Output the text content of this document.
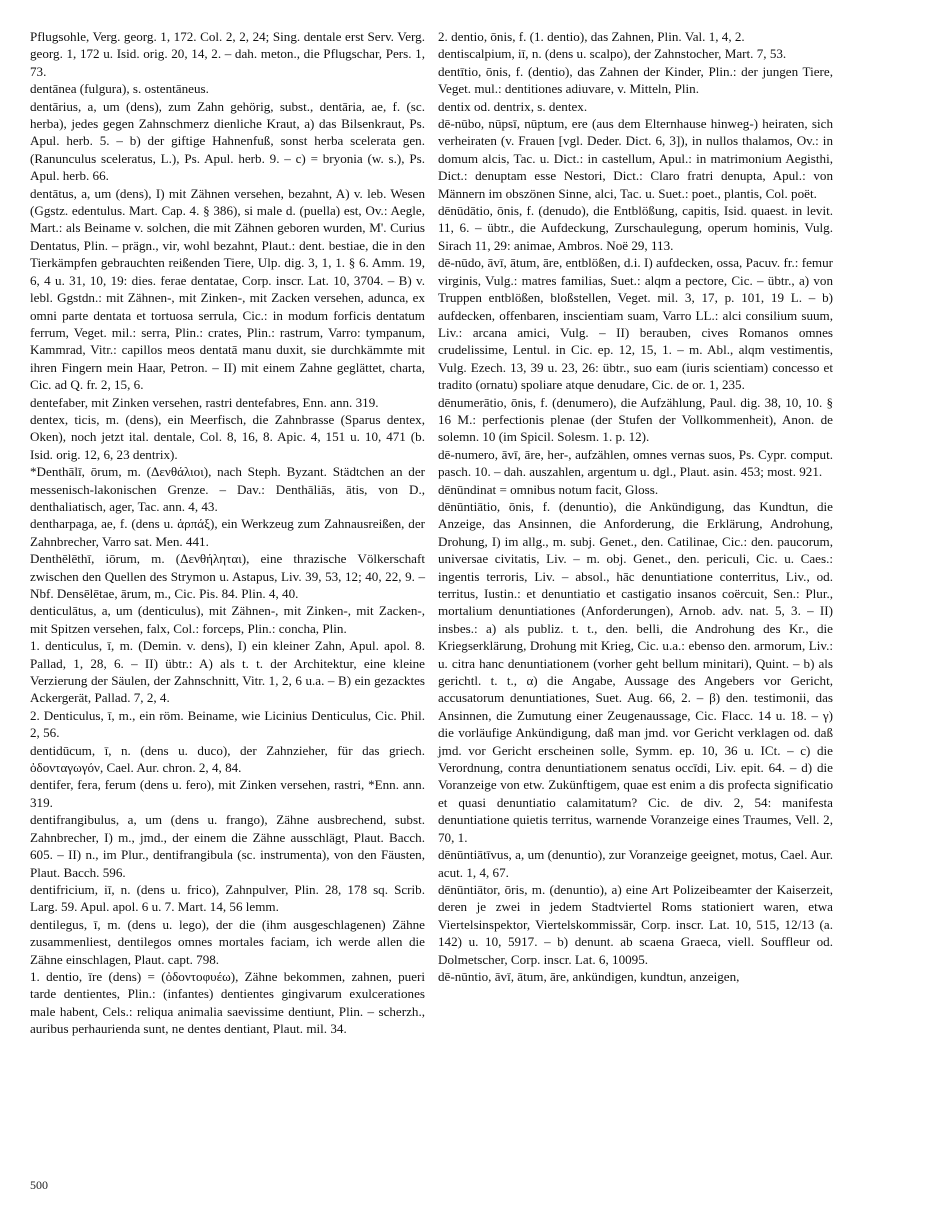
Pflugsohle, Verg. georg. 1, 172. Col. 2, 2, 24; Sing. dentale erst Serv. Verg. georg. 1, 172 u. Isid. orig. 20, 14, 2. – dah. meton., die Pflugschar, Pers. 1, 73.

dentānea (fulgura), s. ostentāneus.

dentārius, a, um (dens), zum Zahn gehörig, subst., dentāria, ae, f. (sc. herba), jedes gegen Zahnschmerz dienliche Kraut, a) das Bilsenkraut, Ps. Apul. herb. 5. – b) der giftige Hahnenfuß, sonst herba scelerata gen. (Ranunculus sceleratus, L.), Ps. Apul. herb. 9. – c) = bryonia (w. s.), Ps. Apul. herb. 66.

dentātus, a, um (dens), I) mit Zähnen versehen, bezahnt, A) v. leb. Wesen (Ggstz. edentulus. Mart. Cap. 4. § 386), si male d. (puella) est, Ov.: Aegle, Mart.: als Beiname v. solchen, die mit Zähnen geboren wurden, M'. Curius Dentatus, Plin. – prägn., vir, wohl bezahnt, Plaut.: dent. bestiae, die in den Tierkämpfen gebrauchten reißenden Tiere, Ulp. dig. 3, 1, 1. § 6. Amm. 19, 6, 4 u. 31, 10, 19: dies. ferae dentatae, Corp. inscr. Lat. 10, 3704. – B) v. lebl. Ggstdn.: mit Zähnen-, mit Zinken-, mit Zacken versehen, adunca, ex omni parte dentata et tortuosa serrula, Cic.: in modum forficis dentatum ferrum, Veget. mil.: serra, Plin.: crates, Plin.: rastrum, Varro: tympanum, Kammrad, Vitr.: capillos meos dentatā manu duxit, sie durchkämmte mit ihren Fingern mein Haar, Petron. – II) mit einem Zahne geglättet, charta, Cic. ad Q. fr. 2, 15, 6.

dentefaber, mit Zinken versehen, rastri dentefabres, Enn. ann. 319.

dentex, ticis, m. (dens), ein Meerfisch, die Zahnbrasse (Sparus dentex, Oken), noch jetzt ital. dentale, Col. 8, 16, 8. Apic. 4, 151 u. 10, 471 (b. Isid. orig. 12, 6, 23 dentrix).

*Denthālī, ōrum, m. (Δενθάλιοι), nach Steph. Byzant. Städtchen an der messenisch-lakonischen Grenze. – Dav.: Denthāliās, ātis, von D., denthaliatisch, ager, Tac. ann. 4, 43.

dentharpaga, ae, f. (dens u. ἁρπάξ), ein Werkzeug zum Zahnausreißen, der Zahnbrecher, Varro sat. Men. 441.

Denthēlēthī, iōrum, m. (Δενθήληται), eine thrazische Völkerschaft zwischen den Quellen des Strymon u. Astapus, Liv. 39, 53, 12; 40, 22, 9. – Nbf. Densēlētae, ārum, m., Cic. Pis. 84. Plin. 4, 40.

denticulātus, a, um (denticulus), mit Zähnen-, mit Zinken-, mit Zacken-, mit Spitzen versehen, falx, Col.: forceps, Plin.: concha, Plin.

1. denticulus, ī, m. (Demin. v. dens), I) ein kleiner Zahn, Apul. apol. 8. Pallad, 1, 28, 6. – II) übtr.: A) als t. t. der Architektur, eine kleine Verzierung der Säulen, der Zahnschnitt, Vitr. 1, 2, 6 u.a. – B) ein gezacktes Ackergerät, Pallad. 7, 2, 4.

2. Denticulus, ī, m., ein röm. Beiname, wie Licinius Denticulus, Cic. Phil. 2, 56.

dentidūcum, ī, n. (dens u. duco), der Zahnzieher, für das griech. ὀδονταγωγόν, Cael. Aur. chron. 2, 4, 84.

dentifer, fera, ferum (dens u. fero), mit Zinken versehen, rastri, *Enn. ann. 319.

dentifrangibulus, a, um (dens u. frango), Zähne ausbrechend, subst. Zahnbrecher, I) m., jmd., der einem die Zähne ausschlägt, Plaut. Bacch. 605. – II) n., im Plur., dentifrangibula (sc. instrumenta), von den Fäusten, Plaut. Bacch. 596.

dentifricium, iī, n. (dens u. frico), Zahnpulver, Plin. 28, 178 sq. Scrib. Larg. 59. Apul. apol. 6 u. 7. Mart. 14, 56 lemm.

dentilegus, ī, m. (dens u. lego), der die (ihm ausgeschlagenen) Zähne zusammenliest, dentilegos omnes mortales faciam, ich werde allen die Zähne einschlagen, Plaut. capt. 798.

1. dentio, īre (dens) = (ὀδοντοφυέω), Zähne bekommen, zahnen, pueri tarde dentientes, Plin.: (infantes) dentientes gingivarum exulcerationes male habent, Cels.: reliqua animalia saevissime dentiunt, Plin. – scherzh., auribus perhaurienda sunt, ne dentes dentiant, Plaut. mil. 34.

2. dentio, ōnis, f. (1. dentio), das Zahnen, Plin. Val. 1, 4, 2.

dentiscalpium, iī, n. (dens u. scalpo), der Zahnstocher, Mart. 7, 53.

dentītio, ōnis, f. (dentio), das Zahnen der Kinder, Plin.: der jungen Tiere, Veget. mul.: dentitiones adiuvare, v. Mitteln, Plin.

dentix od. dentrix, s. dentex.

dē-nūbo, nūpsī, nūptum, ere (aus dem Elternhause hinweg-) heiraten, sich verheiraten (v. Frauen [vgl. Deder. Dict. 6, 3]), in nullos thalamos, Ov.: in domum alcis, Tac. u. Dict.: in castellum, Apul.: in matrimonium Aegisthi, Dict.: denuptam esse Nestori, Dict.: Claro fratri denupta, Apul.: von Männern im obszönen Sinne, alci, Tac. u. Suet.: poet., plantis, Col. poët.

dēnūdātio, ōnis, f. (denudo), die Entblößung, capitis, Isid. quaest. in levit. 11, 6. – übtr., die Aufdeckung, Zurschaulegung, operum hominis, Vulg. Sirach 11, 29: animae, Ambros. Noë 29, 113.

dē-nūdo, āvī, ātum, āre, entblößen, d.i. I) aufdecken, ossa, Pacuv. fr.: femur virginis, Vulg.: matres familias, Suet.: alqm a pectore, Cic. – übtr., a) von Truppen entblößen, bloßstellen, Veget. mil. 3, 17, p. 101, 19 L. – b) aufdecken, offenbaren, inscientiam suam, Varro LL.: alci consilium suum, Liv.: arcana amici, Vulg. – II) berauben, cives Romanos omnes crudelissime, Lentul. in Cic. ep. 12, 15, 1. – m. Abl., alqm vestimentis, Vulg. Ezech. 13, 39 u. 23, 26: übtr., suo eam (iuris scientiam) concesso et tradito (ornatu) spoliare atque denudare, Cic. de or. 1, 235.

dēnumerātio, ōnis, f. (denumero), die Aufzählung, Paul. dig. 38, 10, 10. § 16 M.: perfectionis plenae (der Stufen der Vollkommenheit), Anon. de solemn. 10 (im Spicil. Solesm. 1. p. 12).

dē-numero, āvī, āre, her-, aufzählen, omnes vernas suos, Ps. Cypr. comput. pasch. 10. – dah. auszahlen, argentum u. dgl., Plaut. asin. 453; most. 921.

dēnūndinat = omnibus notum facit, Gloss.

dēnūntiātio, ōnis, f. (denuntio), die Ankündigung, das Kundtun, die Anzeige, das Ansinnen, die Anforderung, die Erklärung, Androhung, Drohung, I) im allg., m. subj. Genet., den. Catilinae, Cic.: den. paucorum, universae civitatis, Liv. – m. obj. Genet., den. periculi, Cic. u. Caes.: ingentis terroris, Liv. – absol., hāc denuntiatione conterritus, Liv., od. territus, Iustin.: et denuntiatio et castigatio insanos coërcuit, Sen.: Plur., mortalium denuntiationes (Anforderungen), Arnob. adv. nat. 5, 3. – II) insbes.: a) als publiz. t. t., den. belli, die Androhung des Kr., die Kriegserklärung, Drohung mit Krieg, Cic. u.a.: ebenso den. armorum, Liv.: u. citra hanc denuntiationem (vorher geht bellum minitari), Quint. – b) als gerichtl. t. t., α) die Angabe, Aussage des Angebers vor Gericht, accusatorum denuntiationes, Suet. Aug. 66, 2. – β) den. testimonii, das Ansinnen, die Zumutung einer Zeugenaussage, Cic. Flacc. 14 u. 18. – γ) die vorläufige Ankündigung, daß man jmd. vor Gericht verklagen od. daß jmd. vor Gericht erscheinen solle, Symm. ep. 10, 36 u. ICt. – c) die Verordnung, contra denuntiationem senatus occīdi, Liv. epit. 64. – d) die Voranzeige von etw. Zukünftigem, quae est enim a dis profecta significatio et quasi denuntiatio calamitatum? Cic. de div. 2, 54: manifesta denuntiatione quietis territus, warnende Voranzeige eines Traumes, Vell. 2, 70, 1.

dēnūntiātīvus, a, um (denuntio), zur Voranzeige geeignet, motus, Cael. Aur. acut. 1, 4, 67.

dēnūntiātor, ōris, m. (denuntio), a) eine Art Polizeibeamter der Kaiserzeit, deren je zwei in jedem Stadtviertel Roms stationiert waren, etwa Viertelsinspektor, Viertelskommissär, Corp. inscr. Lat. 10, 515, 12/13 (a. 142) u. 10, 5917. – b) denunt. ab scaena Graeca, viell. Souffleur od. Dolmetscher, Corp. inscr. Lat. 6, 10095.

dē-nūntio, āvī, ātum, āre, ankündigen, kundtun, anzeigen,

500
